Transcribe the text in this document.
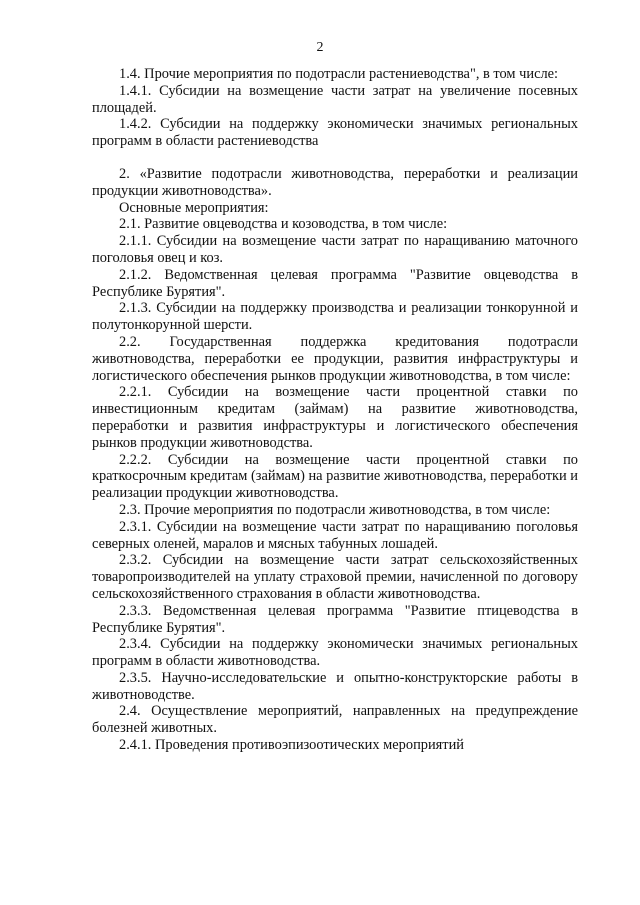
2

1.4. Прочие мероприятия по подотрасли растениеводства", в том числе:

1.4.1. Субсидии на возмещение части затрат на увеличение посевных площадей.

1.4.2. Субсидии на поддержку экономически значимых региональных программ в области растениеводства

2. «Развитие подотрасли животноводства, переработки и реализации продукции животноводства».

Основные мероприятия:

2.1. Развитие овцеводства и козоводства, в том числе:

2.1.1. Субсидии на возмещение части затрат по наращиванию маточного поголовья овец и коз.

2.1.2. Ведомственная целевая программа "Развитие овцеводства в Республике Бурятия".

2.1.3. Субсидии на поддержку производства и реализации тонкорунной и полутонкорунной шерсти.

2.2. Государственная поддержка кредитования подотрасли животноводства, переработки ее продукции, развития инфраструктуры и логистического обеспечения рынков продукции животноводства, в том числе:

2.2.1. Субсидии на возмещение части процентной ставки по инвестиционным кредитам (займам) на развитие животноводства, переработки и развития инфраструктуры и логистического обеспечения рынков продукции животноводства.

2.2.2. Субсидии на возмещение части процентной ставки по краткосрочным кредитам (займам) на развитие животноводства, переработки и реализации продукции животноводства.

2.3. Прочие мероприятия по подотрасли животноводства, в том числе:

2.3.1. Субсидии на возмещение части затрат по наращиванию поголовья северных оленей, маралов и мясных табунных лошадей.

2.3.2. Субсидии на возмещение части затрат сельскохозяйственных товаропроизводителей на уплату страховой премии, начисленной по договору сельскохозяйственного страхования в области животноводства.

2.3.3. Ведомственная целевая программа "Развитие птицеводства в Республике Бурятия".

2.3.4. Субсидии на поддержку экономически значимых региональных программ в области животноводства.

2.3.5. Научно-исследовательские и опытно-конструкторские работы в животноводстве.

2.4. Осуществление мероприятий, направленных на предупреждение болезней животных.

2.4.1. Проведения противоэпизоотических мероприятий
